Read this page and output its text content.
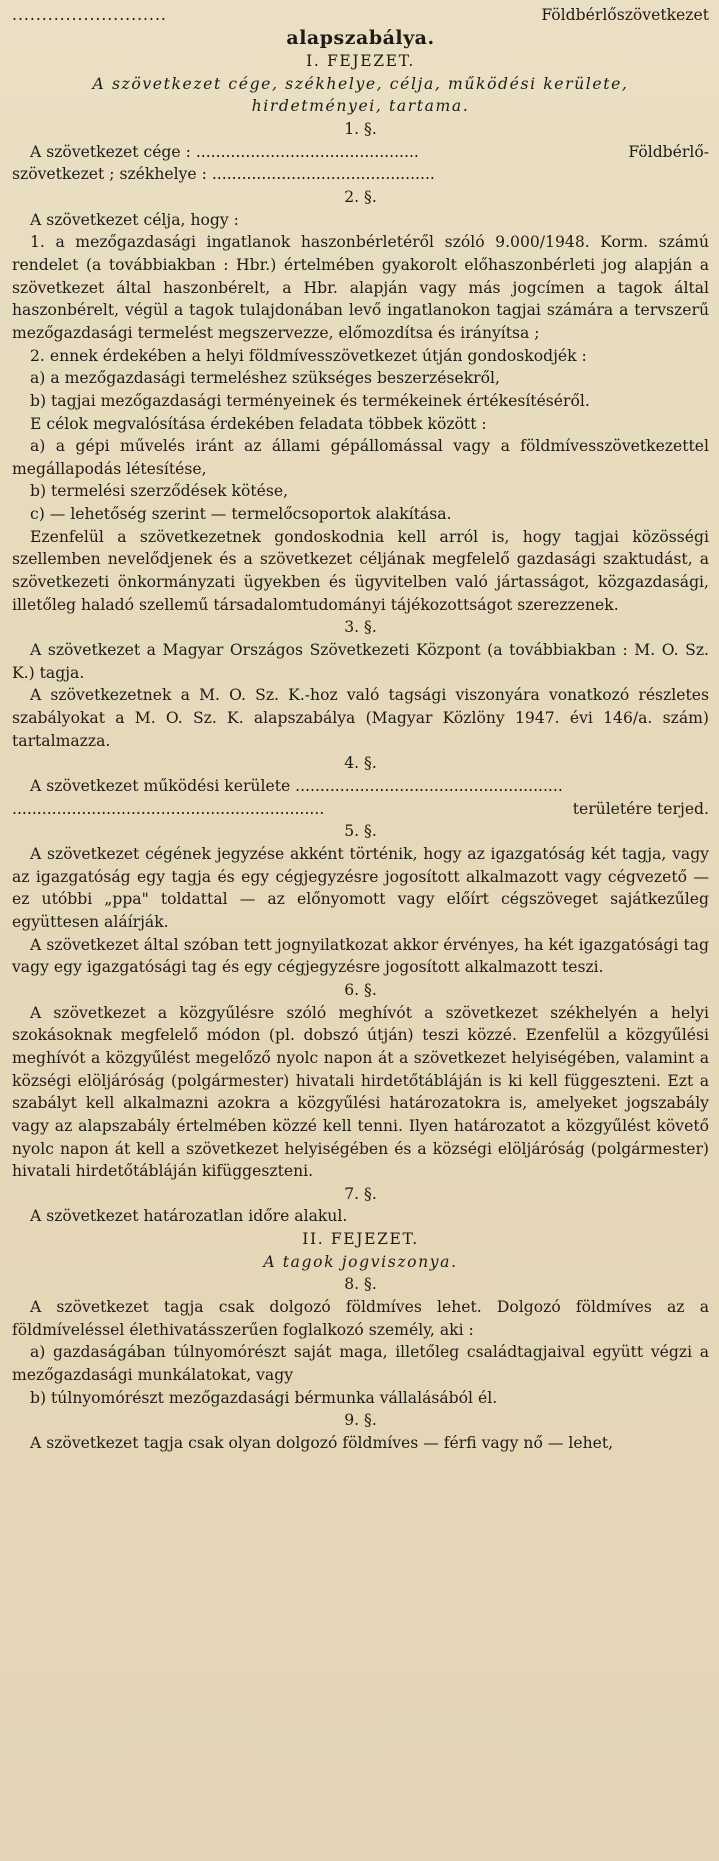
..........................	Földbérlőszövetkezet
alapszabálya.

I. FEJEZET.

A szövetkezet cége, székhelye, célja, működési kerülete,

hirdetményei, tartama.

1. §.

A szövetkezet cége : .............................................	Földbérlő-

szövetkezet ; székhelye : .............................................

2. §.

A szövetkezet célja, hogy :

1. a mezőgazdasági ingatlanok haszonbérletéről szóló 9.000/1948. Korm. számú rendelet (a továbbiakban : Hbr.) értelmében gyakorolt előhaszonbérleti jog alapján a szövetkezet által haszonbérelt, a Hbr. alapján vagy más jogcímen a tagok által haszonbérelt, végül a tagok tulajdonában levő ingatlanokon tagjai számára a tervszerű mezőgazdasági termelést megszervezze, előmozdítsa és irányítsa ;

2. ennek érdekében a helyi földmívesszövetkezet útján gondoskodjék :

a) a mezőgazdasági termeléshez szükséges beszerzésekről,

b) tagjai mezőgazdasági terményeinek és termékeinek értékesítéséről.

E célok megvalósítása érdekében feladata többek között :

a) a gépi művelés iránt az állami gépállomással vagy a földmívesszövetkezettel megállapodás létesítése,

b) termelési szerződések kötése,

c) — lehetőség szerint — termelőcsoportok alakítása.

Ezenfelül a szövetkezetnek gondoskodnia kell arról is, hogy tagjai közösségi szellemben nevelődjenek és a szövetkezet céljának megfelelő gazdasági szaktudást, a szövetkezeti önkormányzati ügyekben és ügyvitelben való jártasságot, közgazdasági, illetőleg haladó szellemű társadalomtudományi tájékozottságot szerezzenek.

3. §.

A szövetkezet a Magyar Országos Szövetkezeti Központ (a továbbiakban : M. O. Sz. K.) tagja.

A szövetkezetnek a M. O. Sz. K.-hoz való tagsági viszonyára vonatkozó részletes szabályokat a M. O. Sz. K. alapszabálya (Magyar Közlöny 1947. évi 146/a. szám) tartalmazza.

4. §.

A szövetkezet működési kerülete ......................................................

...............................................................	területére terjed.

5. §.

A szövetkezet cégének jegyzése akként történik, hogy az igazgatóság két tagja, vagy az igazgatóság egy tagja és egy cégjegyzésre jogosított alkalmazott vagy cégvezető — ez utóbbi „ppa" toldattal — az előnyomott vagy előírt cégszöveget sajátkezűleg együttesen aláírják.

A szövetkezet által szóban tett jognyilatkozat akkor érvényes, ha két igazgatósági tag vagy egy igazgatósági tag és egy cégjegyzésre jogosított alkalmazott teszi.

6. §.

A szövetkezet a közgyűlésre szóló meghívót a szövetkezet székhelyén a helyi szokásoknak megfelelő módon (pl. dobszó útján) teszi közzé. Ezenfelül a közgyűlési meghívót a közgyűlést megelőző nyolc napon át a szövetkezet helyiségében, valamint a községi elöljáróság (polgármester) hivatali hirdetőtábláján is ki kell függeszteni. Ezt a szabályt kell alkalmazni azokra a közgyűlési határozatokra is, amelyeket jogszabály vagy az alapszabály értelmében közzé kell tenni. Ilyen határozatot a közgyűlést követő nyolc napon át kell a szövetkezet helyiségében és a községi elöljáróság (polgármester) hivatali hirdetőtábláján kifüggeszteni.

7. §.

A szövetkezet határozatlan időre alakul.

II. FEJEZET.

A tagok jogviszonya.

8. §.

A szövetkezet tagja csak dolgozó földmíves lehet. Dolgozó földmíves az a földmíveléssel élethivatásszerűen foglalkozó személy, aki :

a) gazdaságában túlnyomórészt saját maga, illetőleg családtagjaival együtt végzi a mezőgazdasági munkálatokat, vagy

b) túlnyomórészt mezőgazdasági bérmunka vállalásából él.

9. §.

A szövetkezet tagja csak olyan dolgozó földmíves — férfi vagy nő — lehet,
